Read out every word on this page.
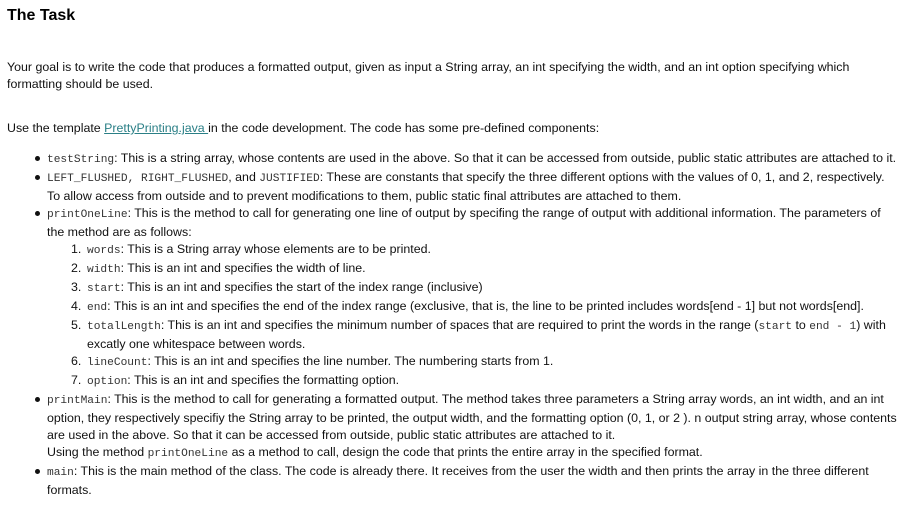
The Task

Your goal is to write the code that produces a formatted output, given as input a String array, an int specifying the width, and an int option specifying which formatting should be used.

Use the template PrettyPrinting.java in the code development. The code has some pre-defined components:

testString: This is a string array, whose contents are used in the above. So that it can be accessed from outside, public static attributes are attached to it.
LEFT_FLUSHED, RIGHT_FLUSHED, and JUSTIFIED: These are constants that specify the three different options with the values of 0, 1, and 2, respectively. To allow access from outside and to prevent modifications to them, public static final attributes are attached to them.
printOneLine: This is the method to call for generating one line of output by specifing the range of output with additional information. The parameters of the method are as follows:
1. words: This is a String array whose elements are to be printed.
2. width: This is an int and specifies the width of line.
3. start: This is an int and specifies the start of the index range (inclusive)
4. end: This is an int and specifies the end of the index range (exclusive, that is, the line to be printed includes words[end - 1] but not words[end].
5. totalLength: This is an int and specifies the minimum number of spaces that are required to print the words in the range (start to end - 1) with excatly one whitespace between words.
6. lineCount: This is an int and specifies the line number. The numbering starts from 1.
7. option: This is an int and specifies the formatting option.
printMain: This is the method to call for generating a formatted output. The method takes three parameters a String array words, an int width, and an int option, they respectively specifiy the String array to be printed, the output width, and the formatting option (0, 1, or 2 ). n output string array, whose contents are used in the above. So that it can be accessed from outside, public static attributes are attached to it.
Using the method printOneLine as a method to call, design the code that prints the entire array in the specified format.
main: This is the main method of the class. The code is already there. It receives from the user the width and then prints the array in the three different formats.
